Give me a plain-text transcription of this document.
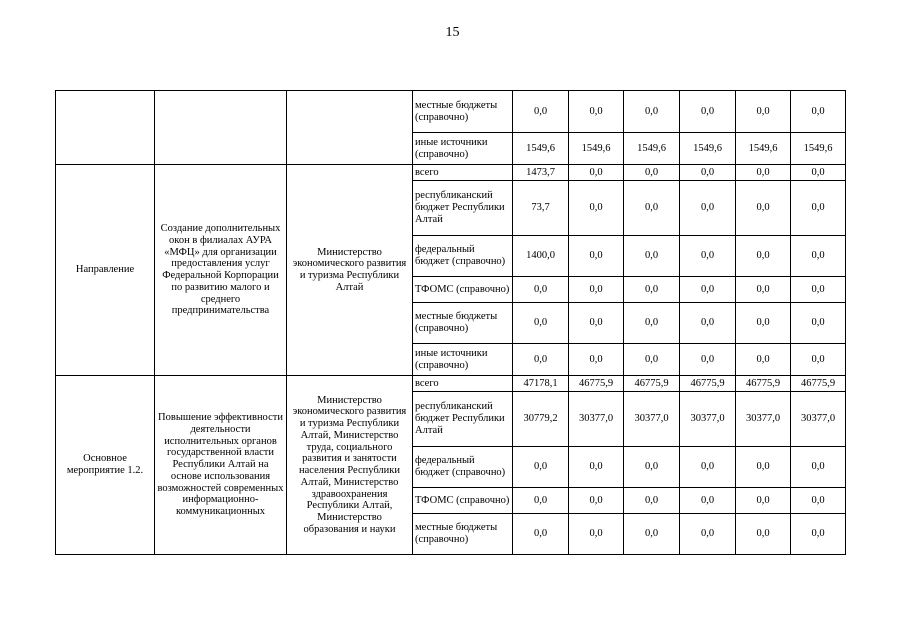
15
			местные бюджеты (справочно)	0,0	0,0	0,0	0,0	0,0	0,0
			иные источники (справочно)	1549,6	1549,6	1549,6	1549,6	1549,6	1549,6
Направление	Создание дополнительных окон в филиалах АУРА «МФЦ» для организации предоставления услуг Федеральной Корпорации по развитию малого и среднего предпринимательства	Министерство экономического развития и туризма Республики Алтай	всего	1473,7	0,0	0,0	0,0	0,0	0,0
			республиканский бюджет Республики Алтай	73,7	0,0	0,0	0,0	0,0	0,0
			федеральный бюджет (справочно)	1400,0	0,0	0,0	0,0	0,0	0,0
			ТФОМС (справочно)	0,0	0,0	0,0	0,0	0,0	0,0
			местные бюджеты (справочно)	0,0	0,0	0,0	0,0	0,0	0,0
			иные источники (справочно)	0,0	0,0	0,0	0,0	0,0	0,0
Основное мероприятие 1.2.	Повышение эффективности деятельности исполнительных органов государственной власти Республики Алтай на основе использования возможностей современных информационно-коммуникационных	Министерство экономического развития и туризма Республики Алтай, Министерство труда, социального развития и занятости населения Республики Алтай, Министерство здравоохранения Республики Алтай, Министерство образования и науки	всего	47178,1	46775,9	46775,9	46775,9	46775,9	46775,9
			республиканский бюджет Республики Алтай	30779,2	30377,0	30377,0	30377,0	30377,0	30377,0
			федеральный бюджет (справочно)	0,0	0,0	0,0	0,0	0,0	0,0
			ТФОМС (справочно)	0,0	0,0	0,0	0,0	0,0	0,0
			местные бюджеты (справочно)	0,0	0,0	0,0	0,0	0,0	0,0
